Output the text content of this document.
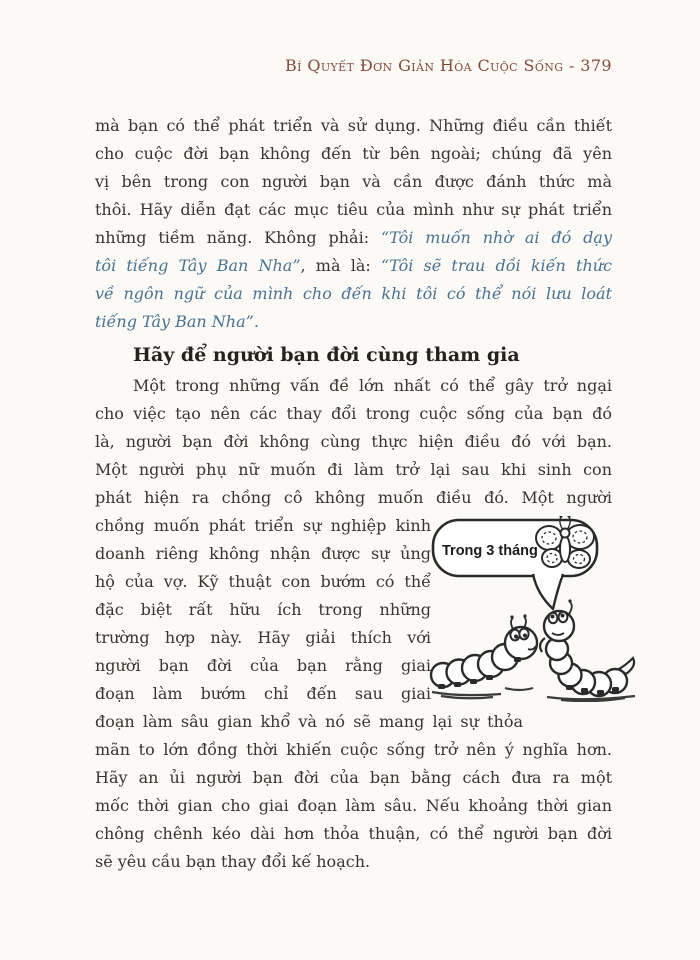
Bí Quyết Đơn Giản Hóa Cuộc Sống - 379
mà bạn có thể phát triển và sử dụng. Những điều cần thiết
cho cuộc đời bạn không đến từ bên ngoài; chúng đã yên
vị bên trong con người bạn và cần được đánh thức mà
thôi. Hãy diễn đạt các mục tiêu của mình như sự phát triển
những tiềm năng. Không phải: “Tôi muốn nhờ ai đó dạy
tôi tiếng Tây Ban Nha”, mà là: “Tôi sẽ trau dồi kiến thức
về ngôn ngữ của mình cho đến khi tôi có thể nói lưu loát
tiếng Tây Ban Nha”.
Hãy để người bạn đời cùng tham gia
Một trong những vấn đề lớn nhất có thể gây trở ngại
cho việc tạo nên các thay đổi trong cuộc sống của bạn đó
là, người bạn đời không cùng thực hiện điều đó với bạn.
Một người phụ nữ muốn đi làm trở lại sau khi sinh con
phát hiện ra chồng cô không muốn điều đó. Một người
chồng muốn phát triển sự nghiệp kinh
doanh riêng không nhận được sự ủng
hộ của vợ. Kỹ thuật con bướm có thể
đặc biệt rất hữu ích trong những
trường hợp này. Hãy giải thích với
người bạn đời của bạn rằng giai
đoạn làm bướm chỉ đến sau giai
đoạn làm sâu gian khổ và nó sẽ mang lại sự thỏa
Trong 3 tháng
mãn to lớn đồng thời khiến cuộc sống trở nên ý nghĩa hơn.
Hãy an ủi người bạn đời của bạn bằng cách đưa ra một
mốc thời gian cho giai đoạn làm sâu. Nếu khoảng thời gian
chông chênh kéo dài hơn thỏa thuận, có thể người bạn đời
sẽ yêu cầu bạn thay đổi kế hoạch.
